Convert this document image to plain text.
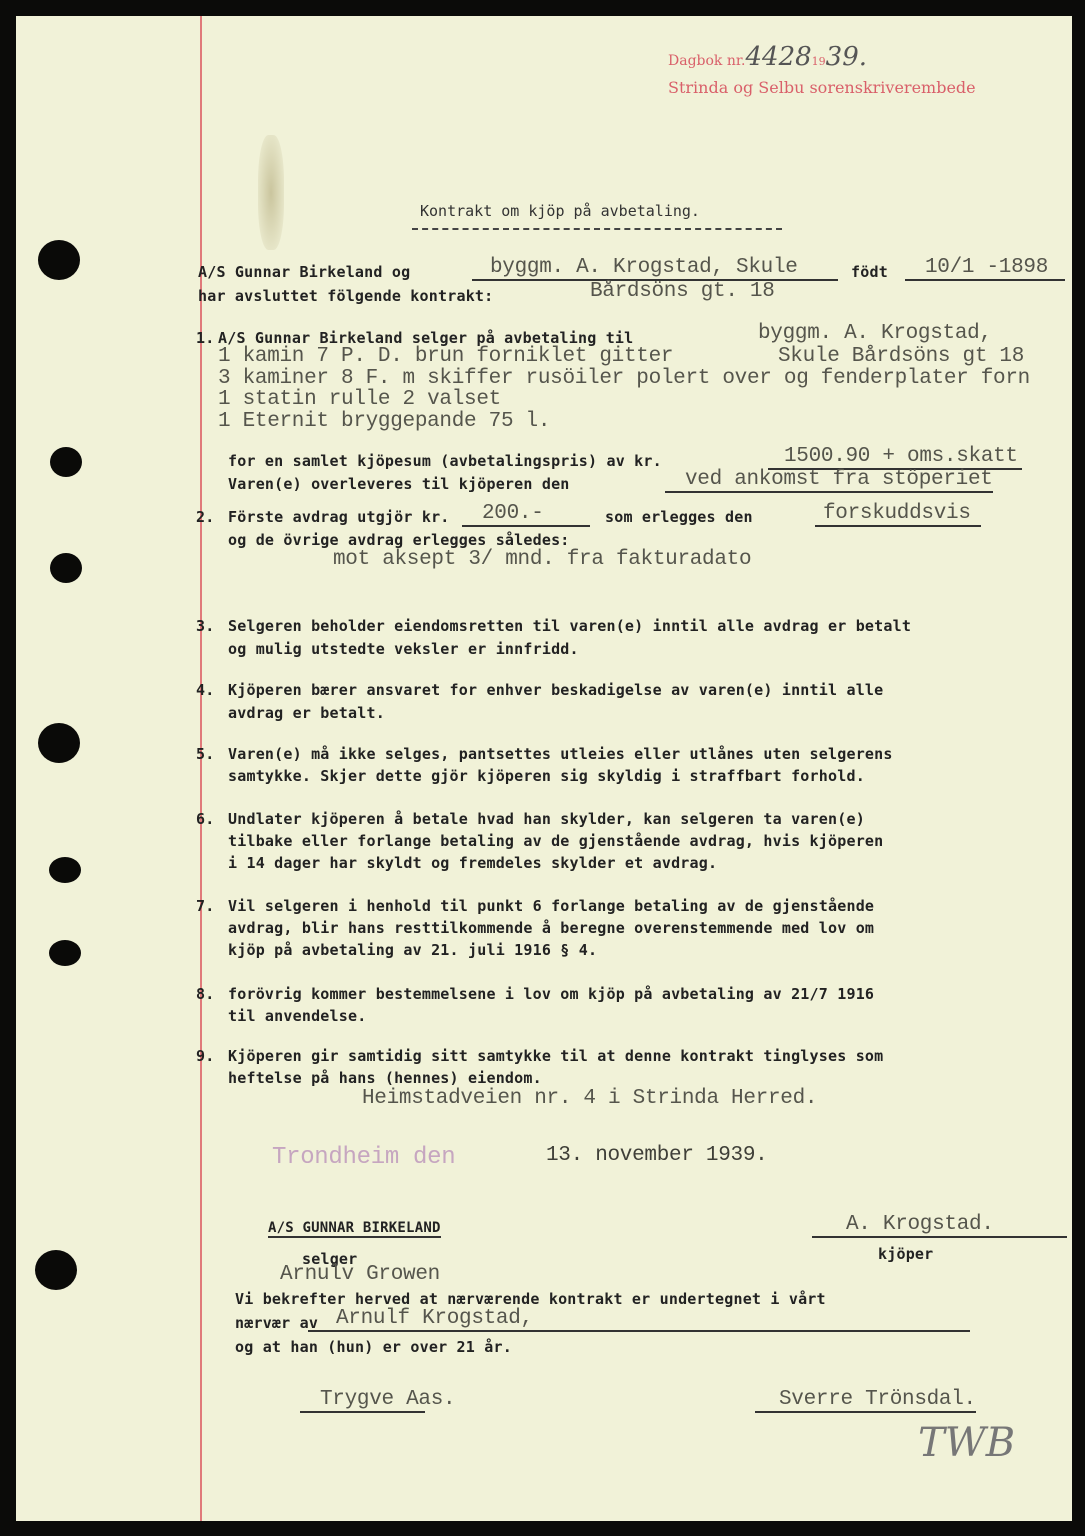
Dagbok nr.44281939.
Strinda og Selbu sorenskriverembede
Kontrakt om kjöp på avbetaling.
A/S Gunnar Birkeland og	byggm. A. Krogstad, Skule	födt	10/1 -1898
har avsluttet fölgende kontrakt:	Bårdsöns gt. 18
1. A/S Gunnar Birkeland selger på avbetaling til	byggm. A. Krogstad,
1 kamin 7 P. D. brun forniklet gitter	Skule Bårdsöns gt 18
3 kaminer 8 F. m skiffer rusöiler polert over og fenderplater forn
1 statin rulle 2 valset
1 Eternit bryggepande 75 l.
for en samlet kjöpesum (avbetalingspris) av kr.	1500.90 + oms.skatt
Varen(e) overleveres til kjöperen den	ved ankomst fra stöperiet
2. Förste avdrag utgjör kr.	200.-	som erlegges den	forskuddsvis
og de övrige avdrag erlegges således:
mot aksept 3/ mnd. fra fakturadato
3. Selgeren beholder eiendomsretten til varen(e) inntil alle avdrag er betalt
og mulig utstedte veksler er innfridd.
4. Kjöperen bærer ansvaret for enhver beskadigelse av varen(e) inntil alle
avdrag er betalt.
5. Varen(e) må ikke selges, pantsettes utleies eller utlånes uten selgerens
samtykke. Skjer dette gjör kjöperen sig skyldig i straffbart forhold.
6. Undlater kjöperen å betale hvad han skylder, kan selgeren ta varen(e)
tilbake eller forlange betaling av de gjenstående avdrag, hvis kjöperen
i 14 dager har skyldt og fremdeles skylder et avdrag.
7. Vil selgeren i henhold til punkt 6 forlange betaling av de gjenstående
avdrag, blir hans resttilkommende å beregne overenstemmende med lov om
kjöp på avbetaling av 21. juli 1916 § 4.
8. forövrig kommer bestemmelsene i lov om kjöp på avbetaling av 21/7 1916
til anvendelse.
9. Kjöperen gir samtidig sitt samtykke til at denne kontrakt tinglyses som
heftelse på hans (hennes) eiendom.
Heimstadveien nr. 4 i Strinda Herred.
Trondheim den	13. november 1939.
A/S GUNNAR BIRKELAND	A. Krogstad.
selger	kjöper
Arnulv Growen
Vi bekrefter herved at nærværende kontrakt er undertegnet i vårt
nærvær av Arnulf Krogstad,
og at han (hun) er over 21 år.
Trygve Aas.	Sverre Trönsdal.
TWB
